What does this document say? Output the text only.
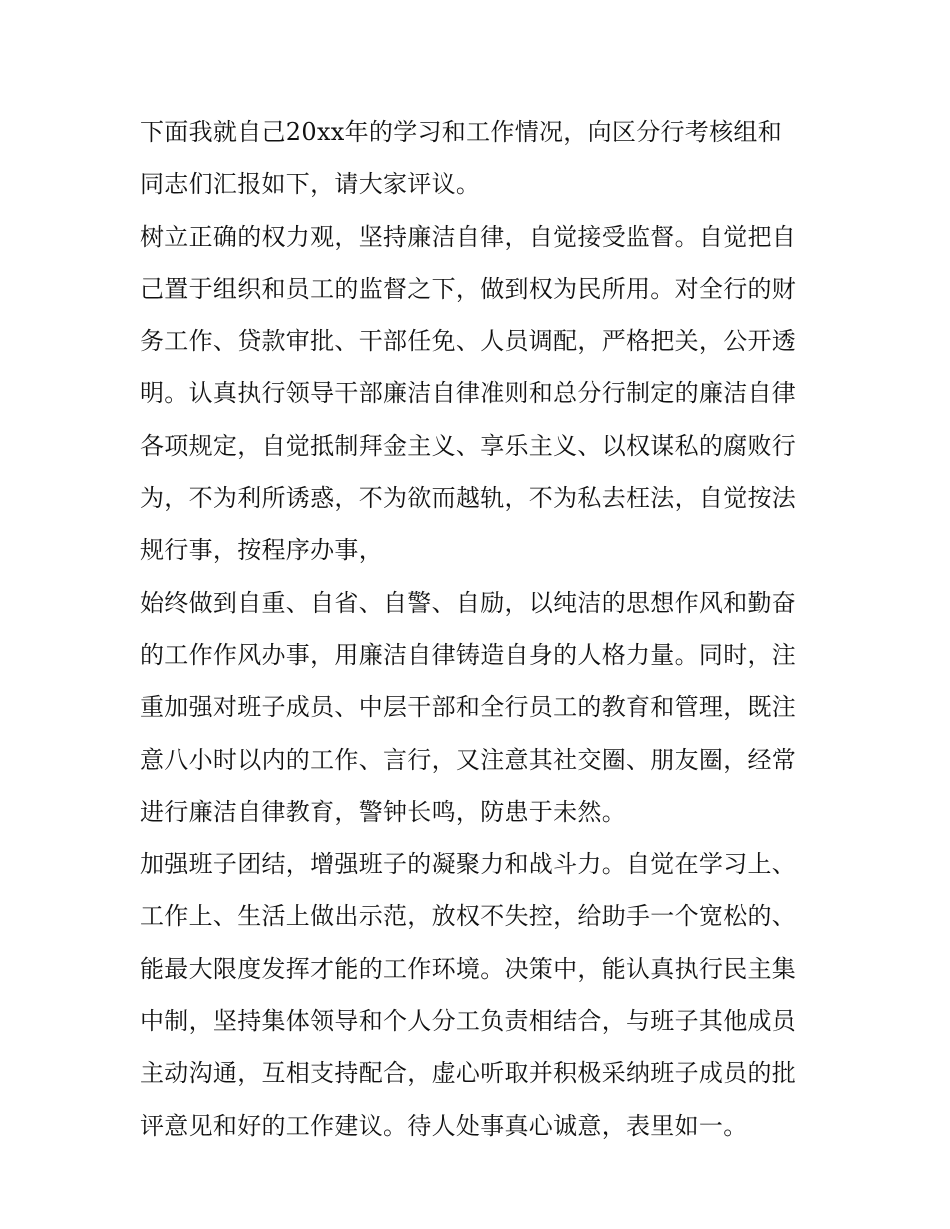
下面我就自己20xx年的学习和工作情况，向区分行考核组和
同志们汇报如下，请大家评议。
树立正确的权力观，坚持廉洁自律，自觉接受监督。自觉把自
己置于组织和员工的监督之下，做到权为民所用。对全行的财
务工作、贷款审批、干部任免、人员调配，严格把关，公开透
明。认真执行领导干部廉洁自律准则和总分行制定的廉洁自律
各项规定，自觉抵制拜金主义、享乐主义、以权谋私的腐败行
为，不为利所诱惑，不为欲而越轨，不为私去枉法，自觉按法
规行事，按程序办事，
始终做到自重、自省、自警、自励，以纯洁的思想作风和勤奋
的工作作风办事，用廉洁自律铸造自身的人格力量。同时，注
重加强对班子成员、中层干部和全行员工的教育和管理，既注
意八小时以内的工作、言行，又注意其社交圈、朋友圈，经常
进行廉洁自律教育，警钟长鸣，防患于未然。
加强班子团结，增强班子的凝聚力和战斗力。自觉在学习上、
工作上、生活上做出示范，放权不失控，给助手一个宽松的、
能最大限度发挥才能的工作环境。决策中，能认真执行民主集
中制，坚持集体领导和个人分工负责相结合，与班子其他成员
主动沟通，互相支持配合，虚心听取并积极采纳班子成员的批
评意见和好的工作建议。待人处事真心诚意，表里如一。
